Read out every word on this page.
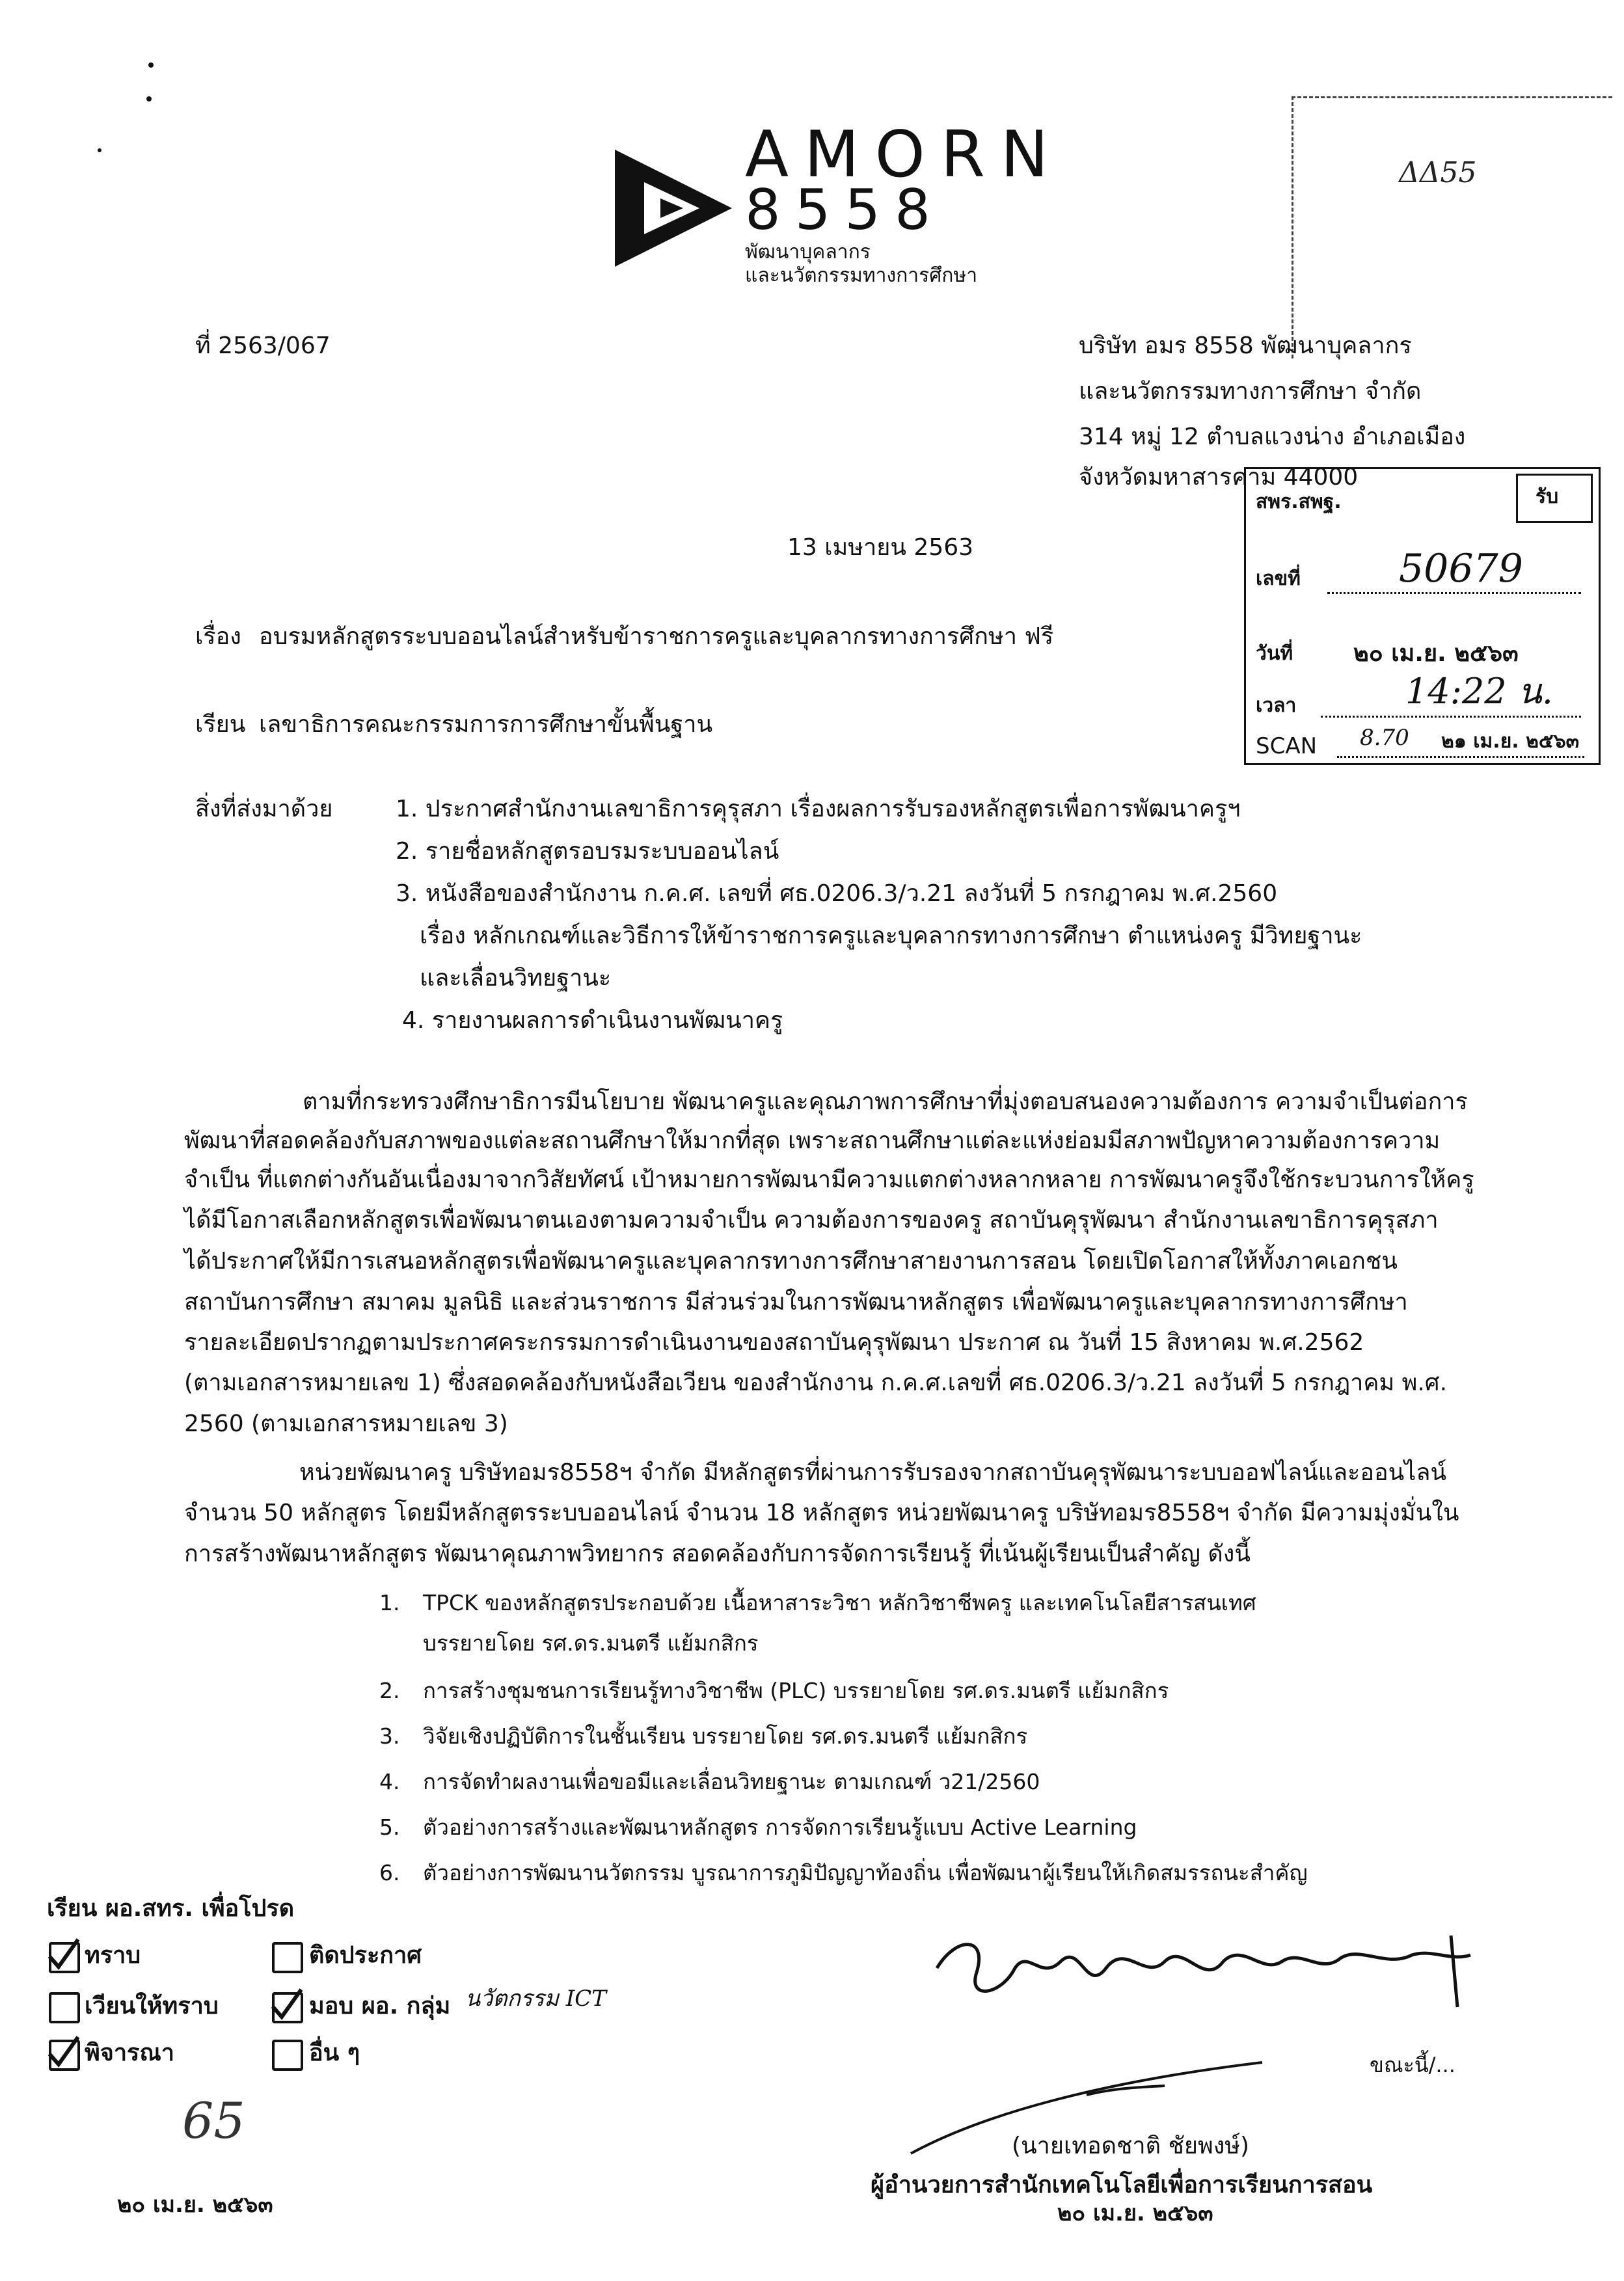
AMORN
8558
พัฒนาบุคลากร
และนวัตกรรมทางการศึกษา
ΔΔ55
ที่ 2563/067	บริษัท อมร 8558 พัฒนาบุคลากร
และนวัตกรรมทางการศึกษา จำกัด
314 หมู่ 12 ตำบลแวงน่าง อำเภอเมือง
จังหวัดมหาสารคาม 44000
สพร.สพฐ.	รับ
เลขที่	50679
วันที่	๒๐ เม.ย. ๒๕๖๓
เวลา	14:22 น.
SCAN 8.70 ๒๑ เม.ย. ๒๕๖๓
13 เมษายน 2563
เรื่อง อบรมหลักสูตรระบบออนไลน์สำหรับข้าราชการครูและบุคลากรทางการศึกษา ฟรี
เรียน เลขาธิการคณะกรรมการการศึกษาขั้นพื้นฐาน
สิ่งที่ส่งมาด้วย	1. ประกาศสำนักงานเลขาธิการคุรุสภา เรื่องผลการรับรองหลักสูตรเพื่อการพัฒนาครูฯ
2. รายชื่อหลักสูตรอบรมระบบออนไลน์
3. หนังสือของสำนักงาน ก.ค.ศ. เลขที่ ศธ.0206.3/ว.21 ลงวันที่ 5 กรกฎาคม พ.ศ.2560
เรื่อง หลักเกณฑ์และวิธีการให้ข้าราชการครูและบุคลากรทางการศึกษา ตำแหน่งครู มีวิทยฐานะ
และเลื่อนวิทยฐานะ
4. รายงานผลการดำเนินงานพัฒนาครู
ตามที่กระทรวงศึกษาธิการมีนโยบาย พัฒนาครูและคุณภาพการศึกษาที่มุ่งตอบสนองความต้องการ ความจำเป็นต่อการ
พัฒนาที่สอดคล้องกับสภาพของแต่ละสถานศึกษาให้มากที่สุด เพราะสถานศึกษาแต่ละแห่งย่อมมีสภาพปัญหาความต้องการความ
จำเป็น ที่แตกต่างกันอันเนื่องมาจากวิสัยทัศน์ เป้าหมายการพัฒนามีความแตกต่างหลากหลาย การพัฒนาครูจึงใช้กระบวนการให้ครู
ได้มีโอกาสเลือกหลักสูตรเพื่อพัฒนาตนเองตามความจำเป็น ความต้องการของครู สถาบันคุรุพัฒนา สำนักงานเลขาธิการคุรุสภา
ได้ประกาศให้มีการเสนอหลักสูตรเพื่อพัฒนาครูและบุคลากรทางการศึกษาสายงานการสอน โดยเปิดโอกาสให้ทั้งภาคเอกชน
สถาบันการศึกษา สมาคม มูลนิธิ และส่วนราชการ มีส่วนร่วมในการพัฒนาหลักสูตร เพื่อพัฒนาครูและบุคลากรทางการศึกษา
รายละเอียดปรากฏตามประกาศคระกรรมการดำเนินงานของสถาบันคุรุพัฒนา ประกาศ ณ วันที่ 15 สิงหาคม พ.ศ.2562
(ตามเอกสารหมายเลข 1) ซึ่งสอดคล้องกับหนังสือเวียน ของสำนักงาน ก.ค.ศ.เลขที่ ศธ.0206.3/ว.21 ลงวันที่ 5 กรกฎาคม พ.ศ.
2560 (ตามเอกสารหมายเลข 3)
หน่วยพัฒนาครู บริษัทอมร8558ฯ จำกัด มีหลักสูตรที่ผ่านการรับรองจากสถาบันคุรุพัฒนาระบบออฟไลน์และออนไลน์
จำนวน 50 หลักสูตร โดยมีหลักสูตรระบบออนไลน์ จำนวน 18 หลักสูตร หน่วยพัฒนาครู บริษัทอมร8558ฯ จำกัด มีความมุ่งมั่นใน
การสร้างพัฒนาหลักสูตร พัฒนาคุณภาพวิทยากร สอดคล้องกับการจัดการเรียนรู้ ที่เน้นผู้เรียนเป็นสำคัญ ดังนี้
1. TPCK ของหลักสูตรประกอบด้วย เนื้อหาสาระวิชา หลักวิชาชีพครู และเทคโนโลยีสารสนเทศ
บรรยายโดย รศ.ดร.มนตรี แย้มกสิกร
2. การสร้างชุมชนการเรียนรู้ทางวิชาชีพ (PLC) บรรยายโดย รศ.ดร.มนตรี แย้มกสิกร
3. วิจัยเชิงปฏิบัติการในชั้นเรียน บรรยายโดย รศ.ดร.มนตรี แย้มกสิกร
4. การจัดทำผลงานเพื่อขอมีและเลื่อนวิทยฐานะ ตามเกณฑ์ ว21/2560
5. ตัวอย่างการสร้างและพัฒนาหลักสูตร การจัดการเรียนรู้แบบ Active Learning
6. ตัวอย่างการพัฒนานวัตกรรม บูรณาการภูมิปัญญาท้องถิ่น เพื่อพัฒนาผู้เรียนให้เกิดสมรรถนะสำคัญ
เรียน ผอ.สทร. เพื่อโปรด
ทราบ	ติดประกาศ
เวียนให้ทราบ	มอบ ผอ. กลุ่ม นวัตกรรม ICT
พิจารณา	อื่น ๆ
65
๒๐ เม.ย. ๒๕๖๓
ขณะนี้/...
(นายเทอดชาติ ชัยพงษ์)
ผู้อำนวยการสำนักเทคโนโลยีเพื่อการเรียนการสอน
๒๐ เม.ย. ๒๕๖๓
